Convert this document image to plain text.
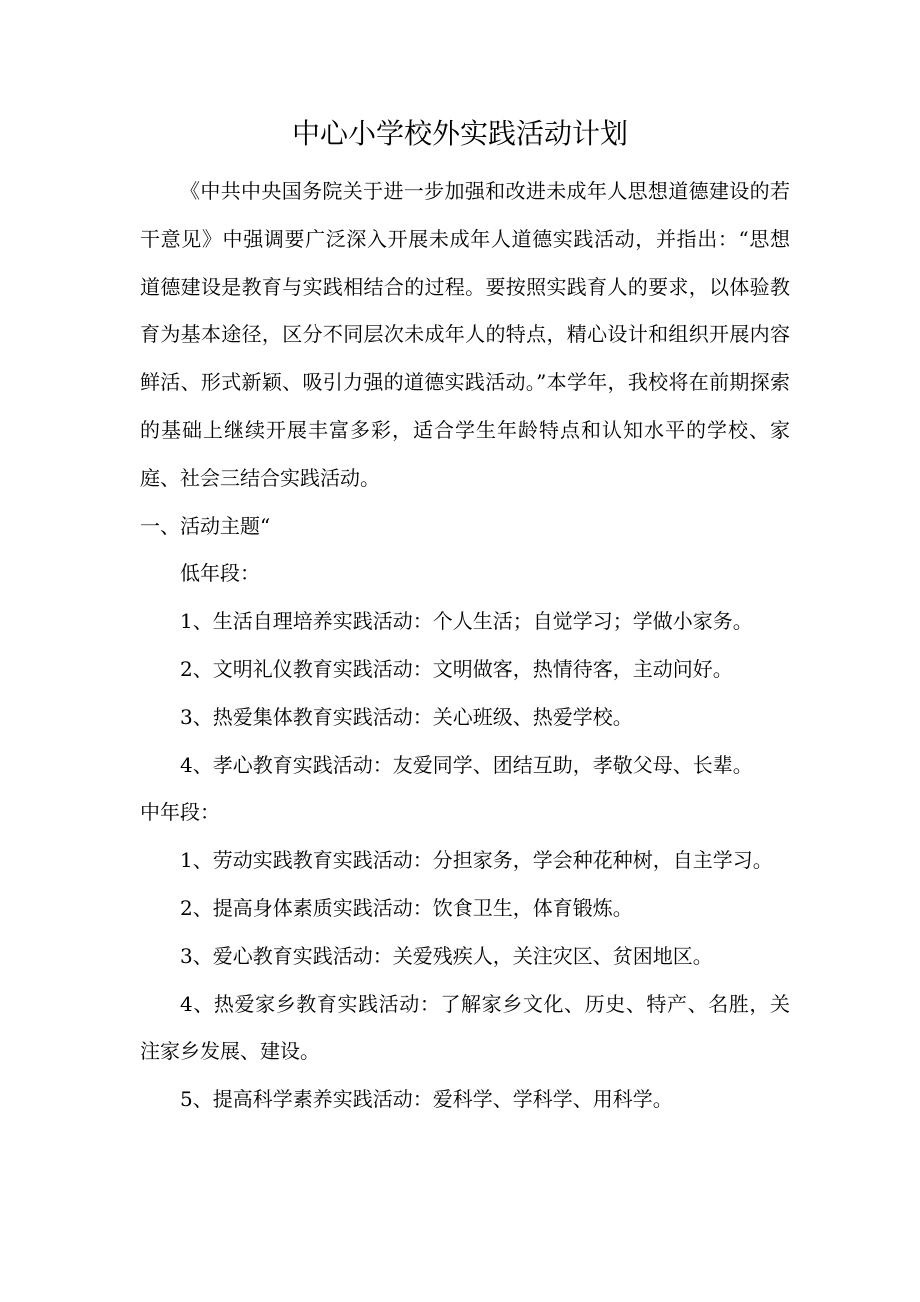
中心小学校外实践活动计划

《中共中央国务院关于进一步加强和改进未成年人思想道德建设的若干意见》中强调要广泛深入开展未成年人道德实践活动，并指出：“思想道德建设是教育与实践相结合的过程。要按照实践育人的要求，以体验教育为基本途径，区分不同层次未成年人的特点，精心设计和组织开展内容鲜活、形式新颖、吸引力强的道德实践活动。”本学年，我校将在前期探索的基础上继续开展丰富多彩，适合学生年龄特点和认知水平的学校、家庭、社会三结合实践活动。

一、活动主题“

低年段：

1、生活自理培养实践活动：个人生活；自觉学习；学做小家务。

2、文明礼仪教育实践活动：文明做客，热情待客，主动问好。

3、热爱集体教育实践活动：关心班级、热爱学校。

4、孝心教育实践活动：友爱同学、团结互助，孝敬父母、长辈。

中年段：

1、劳动实践教育实践活动：分担家务，学会种花种树，自主学习。

2、提高身体素质实践活动：饮食卫生，体育锻炼。

3、爱心教育实践活动：关爱残疾人，关注灾区、贫困地区。

4、热爱家乡教育实践活动：了解家乡文化、历史、特产、名胜，关注家乡发展、建设。

5、提高科学素养实践活动：爱科学、学科学、用科学。
